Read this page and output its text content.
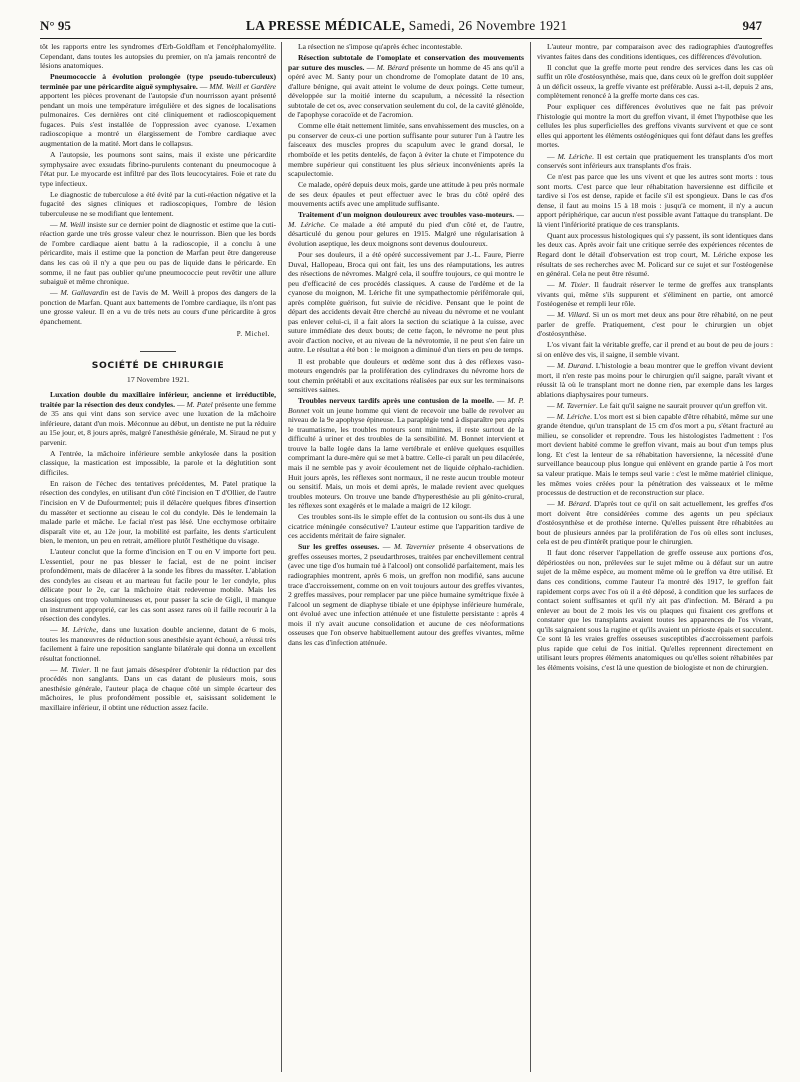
N° 95	LA PRESSE MÉDICALE, Samedi, 26 Novembre 1921	947

tôt les rapports entre les syndromes d'Erb-Goldflam et l'encéphalomyélite. Cependant, dans toutes les autopsies du premier, on n'a jamais rencontré de lésions anatomiques.

Pneumococcie à évolution prolongée (type pseudo-tuberculeux) terminée par une péricardite aiguë symphysaire. — MM. Weill et Gardère apportent les pièces provenant de l'autopsie d'un nourrisson ayant présenté pendant un mois une température irrégulière et des signes de localisations pulmonaires. Ces dernières ont cité cliniquement et radioscopiquement fugaces. Puis s'est installée de l'oppression avec cyanose. L'examen radioscopique a montré un élargissement de l'ombre cardiaque avec augmentation de la matité. Mort dans le collapsus.

A l'autopsie, les poumons sont sains, mais il existe une péricardite symphysaire avec exsudats fibrino-purulents contenant du pneumocoque à l'état pur. Le myocarde est infiltré par des îlots leucocytaires. Foie et rate du type infectieux.

Le diagnostic de tuberculose a été évité par la cuti-réaction négative et la fugacité des signes cliniques et radioscopiques, l'ombre de lésion tuberculeuse ne se modifiant que lentement.

— M. Weill insiste sur ce dernier point de diagnostic et estime que la cuti-réaction garde une très grosse valeur chez le nourrisson. Bien que les bords de l'ombre cardiaque aient battu à la radioscopie, il a conclu à une péricardite, mais il estime que la ponction de Marfan peut être dangereuse dans les cas où il n'y a que peu ou pas de liquide dans le péricarde. En somme, il ne faut pas oublier qu'une pneumococcie peut revêtir une allure subaiguë et même chronique.

— M. Gallavardin est de l'avis de M. Weill à propos des dangers de la ponction de Marfan. Quant aux battements de l'ombre cardiaque, ils n'ont pas une grosse valeur. Il en a vu de très nets au cours d'une péricardite à gros épanchement.

P. Michel.

SOCIÉTÉ DE CHIRURGIE

17 Novembre 1921.

Luxation double du maxillaire inférieur, ancienne et irréductible, traitée par la résection des deux condyles. — M. Patel présente une femme de 35 ans qui vint dans son service avec une luxation de la mâchoire inférieure, datant d'un mois. Méconnue au début, un dentiste ne put la réduire au 15e jour, et, 8 jours après, malgré l'anesthésie générale, M. Siraud ne put y parvenir.

A l'entrée, la mâchoire inférieure semble ankylosée dans la position classique, la mastication est impossible, la parole et la déglutition sont difficiles.

En raison de l'échec des tentatives précédentes, M. Patel pratique la résection des condyles, en utilisant d'un côté l'incision en T d'Ollier, de l'autre l'incision en V de Dufourmentel; puis il délacère quelques fibres d'insertion du masséter et sectionne au ciseau le col du condyle. Dès le lendemain la malade parle et mâche. Le facial n'est pas lésé. Une ecchymose orbitaire disparaît vite et, au 12e jour, la mobilité est parfaite, les dents s'articulent bien, le menton, un peu en retrait, améliore plutôt l'esthétique du visage.

L'auteur conclut que la forme d'incision en T ou en V importe fort peu. L'essentiel, pour ne pas blesser le facial, est de ne point inciser profondément, mais de dilacérer à la sonde les fibres du masséter. L'ablation des condyles au ciseau et au marteau fut facile pour le 1er condyle, plus délicate pour le 2e, car la mâchoire était redevenue mobile. Mais les classiques ont trop volumineuses et, pour passer la scie de Gigli, il manque un instrument approprié, car les cas sont assez rares où il faille recourir à la résection des condyles.

— M. Lériche, dans une luxation double ancienne, datant de 6 mois, toutes les manœuvres de réduction sous anesthésie ayant échoué, a réussi très facilement à faire une reposition sanglante bilatérale qui donna un excellent résultat fonctionnel.

— M. Tixier. Il ne faut jamais désespérer d'obtenir la réduction par des procédés non sanglants. Dans un cas datant de plusieurs mois, sous anesthésie générale, l'auteur plaça de chaque côté un simple écarteur des mâchoires, le plus profondément possible et, saisissant solidement le maxillaire inférieur, il obtint une réduction assez facile.

La résection ne s'impose qu'après échec incontestable.

Résection subtotale de l'omoplate et conservation des mouvements par suture des muscles. — M. Bérard présente un homme de 45 ans qu'il a opéré avec M. Santy pour un chondrome de l'omoplate datant de 10 ans, d'allure bénigne, qui avait atteint le volume de deux poings. Cette tumeur, développée sur la moitié interne du scapulum, a nécessité la résection subtotale de cet os, avec conservation seulement du col, de la cavité glénoïde, de l'apophyse coracoïde et de l'acromion.

Comme elle était nettement limitée, sans envahissement des muscles, on a pu conserver de ceux-ci une portion suffisante pour suturer l'un à l'autre les faisceaux des muscles propres du scapulum avec le grand dorsal, le rhomboïde et les petits dentelés, de façon à éviter la chute et l'impotence du membre supérieur qui constituent les plus sérieux inconvénients après la scapulectomie.

Ce malade, opéré depuis deux mois, garde une attitude à peu près normale de ses deux épaules et peut effectuer avec le bras du côté opéré des mouvements actifs avec une amplitude suffisante.

Traitement d'un moignon douloureux avec troubles vaso-moteurs. — M. Lériche. Ce malade a été amputé du pied d'un côté et, de l'autre, désarticulé du genou pour gelures en 1915. Malgré une régularisation à évolution aseptique, les deux moignons sont devenus douloureux.

Pour ses douleurs, il a été opéré successivement par J.-L. Faure, Pierre Duval, Hallopeau, Broca qui ont fait, les uns des réamputations, les autres des résections de névromes. Malgré cela, il souffre toujours, ce qui montre le peu d'efficacité de ces procédés classiques. A cause de l'œdème et de la cyanose du moignon, M. Lériche fit une sympathectomie périfémorale qui, après complète guérison, fut suivie de récidive. Pensant que le point de départ des accidents devait être cherché au niveau du névrome et ne voulant pas enlever celui-ci, il a fait alors la section du sciatique à la cuisse, avec suture immédiate des deux bouts; de cette façon, le névrome ne peut plus avoir d'action nocive, et au niveau de la névrotomie, il ne peut s'en faire un autre. Le résultat a été bon : le moignon a diminué d'un tiers en peu de temps.

Il est probable que douleurs et œdème sont dus à des réflexes vaso-moteurs engendrés par la prolifération des cylindraxes du névrome hors de tout chemin préétabli et aux excitations réalisées par eux sur les terminaisons sensitives saines.

Troubles nerveux tardifs après une contusion de la moelle. — M. P. Bonnet voit un jeune homme qui vient de recevoir une balle de revolver au niveau de la 9e apophyse épineuse. La paraplégie tend à disparaître peu après le traumatisme, les troubles moteurs sont minimes, il reste surtout de la difficulté à uriner et des troubles de la sensibilité. M. Bonnet intervient et trouve la balle logée dans la lame vertébrale et enlève quelques esquilles comprimant la dure-mère qui se met à battre. Celle-ci paraît un peu dilacérée, mais il ne semble pas y avoir écoulement net de liquide céphalo-rachidien. Huit jours après, les réflexes sont normaux, il ne reste aucun trouble moteur ou sensitif. Mais, un mois et demi après, le malade revient avec quelques troubles moteurs. On trouve une bande d'hyperesthésie au pli génito-crural, les réflexes sont exagérés et le malade a maigri de 12 kilogr.

Ces troubles sont-ils le simple effet de la contusion ou sont-ils dus à une cicatrice méningée consécutive? L'auteur estime que l'apparition tardive de ces accidents méritait de faire signaler.

Sur les greffes osseuses. — M. Tavernier présente 4 observations de greffes osseuses mortes, 2 pseudarthroses, traitées par enchevillement central (avec une tige d'os humain tué à l'alcool) ont consolidé parfaitement, mais les radiographies montrent, après 6 mois, un greffon non modifié, sans aucune trace d'accroissement, comme on en voit toujours autour des greffes vivantes, 2 greffes massives, pour remplacer par une pièce humaine symétrique fixée à l'alcool un segment de diaphyse tibiale et une épiphyse inférieure humérale, ont évolué avec une infection atténuée et une fistulette persistante : après 4 mois il n'y avait aucune consolidation et aucune de ces néoformations osseuses que l'on observe habituellement autour des greffes vivantes, même dans les cas d'infection atténuée.

L'auteur montre, par comparaison avec des radiographies d'autogreffes vivantes faites dans des conditions identiques, ces différences d'évolution.

Il conclut que la greffe morte peut rendre des services dans les cas où suffit un rôle d'ostéosynthèse, mais que, dans ceux où le greffon doit suppléer à un déficit osseux, la greffe vivante est préférable. Aussi a-t-il, depuis 2 ans, complètement renoncé à la greffe morte dans ces cas.

Pour expliquer ces différences évolutives que ne fait pas prévoir l'histologie qui montre la mort du greffon vivant, il émet l'hypothèse que les cellules les plus superficielles des greffons vivants survivent et que ce sont elles qui apportent les éléments ostéogéniques qui font défaut dans les greffes mortes.

— M. Lériche. Il est certain que pratiquement les transplants d'os mort conservés sont inférieurs aux transplants d'os frais.

Ce n'est pas parce que les uns vivent et que les autres sont morts : tous sont morts. C'est parce que leur réhabitation haversienne est difficile et tardive si l'os est dense, rapide et facile s'il est spongieux. Dans le cas d'os dense, il faut au moins 15 à 18 mois : jusqu'à ce moment, il n'y a aucun apport périphérique, car aucun n'est possible avant l'attaque du transplant. De là vient l'infériorité pratique de ces transplants.

Quant aux processus histologiques qui s'y passent, ils sont identiques dans les deux cas. Après avoir fait une critique serrée des expériences récentes de Regard dont le détail d'observation est trop court, M. Lériche expose les résultats de ses recherches avec M. Policard sur ce sujet et sur l'ostéogenèse en général. Cela ne peut être résumé.

— M. Tixier. Il faudrait réserver le terme de greffes aux transplants vivants qui, même s'ils suppurent et s'éliminent en partie, ont amorcé l'ostéogenèse et rempli leur rôle.

— M. Villard. Si un os mort met deux ans pour être réhabité, on ne peut parler de greffe. Pratiquement, c'est pour le chirurgien un objet d'ostéosynthèse.

L'os vivant fait la véritable greffe, car il prend et au bout de peu de jours : si on enlève des vis, il saigne, il semble vivant.

— M. Durand. L'histologie a beau montrer que le greffon vivant devient mort, il n'en reste pas moins pour le chirurgien qu'il saigne, paraît vivant et réussit là où le transplant mort ne donne rien, par exemple dans les larges ablations diaphysaires pour tumeurs.

— M. Tavernier. Le fait qu'il saigne ne saurait prouver qu'un greffon vit.

— M. Lériche. L'os mort est si bien capable d'être réhabité, même sur une grande étendue, qu'un transplant de 15 cm d'os mort a pu, s'étant fracturé au milieu, se consolider et reprendre. Tous les histologistes l'admettent : l'os mort devient habité comme le greffon vivant, mais au bout d'un temps plus long. Et c'est la lenteur de sa réhabitation haversienne, la nécessité d'une surveillance beaucoup plus longue qui enlèvent en grande partie à l'os mort sa valeur pratique. Mais le temps seul varie : c'est le même matériel clinique, les mêmes voies créées pour la pénétration des vaisseaux et le même processus de destruction et de reconstruction sur place.

— M. Bérard. D'après tout ce qu'il on sait actuellement, les greffes d'os mort doivent être considérées comme des agents un peu spéciaux d'ostéosynthèse et de prothèse interne. Qu'elles puissent être réhabitées au bout de plusieurs années par la prolifération de l'os où elles sont incluses, cela est de peu d'intérêt pratique pour le chirurgien.

Il faut donc réserver l'appellation de greffe osseuse aux portions d'os, dépériostées ou non, prélevées sur le sujet même ou à défaut sur un autre sujet de la même espèce, au moment même où le greffon va être utilisé. Et dans ces conditions, comme l'auteur l'a montré dès 1917, le greffon fait rapidement corps avec l'os où il a été déposé, à condition que les surfaces de contact soient suffisantes et qu'il n'y ait pas d'infection. M. Bérard a pu enlever au bout de 2 mois les vis ou plaques qui fixaient ces greffons et constater que les transplants avaient toutes les apparences de l'os vivant, qu'ils saignaient sous la rugine et qu'ils avaient un périoste épais et succulent. Ce sont là les vraies greffes osseuses susceptibles d'accroissement parfois plus rapide que celui de l'os initial. Qu'elles reprennent directement en utilisant leurs propres éléments anatomiques ou qu'elles soient réhabitées par les éléments voisins, c'est là une question de biologiste et non de chirurgien.
